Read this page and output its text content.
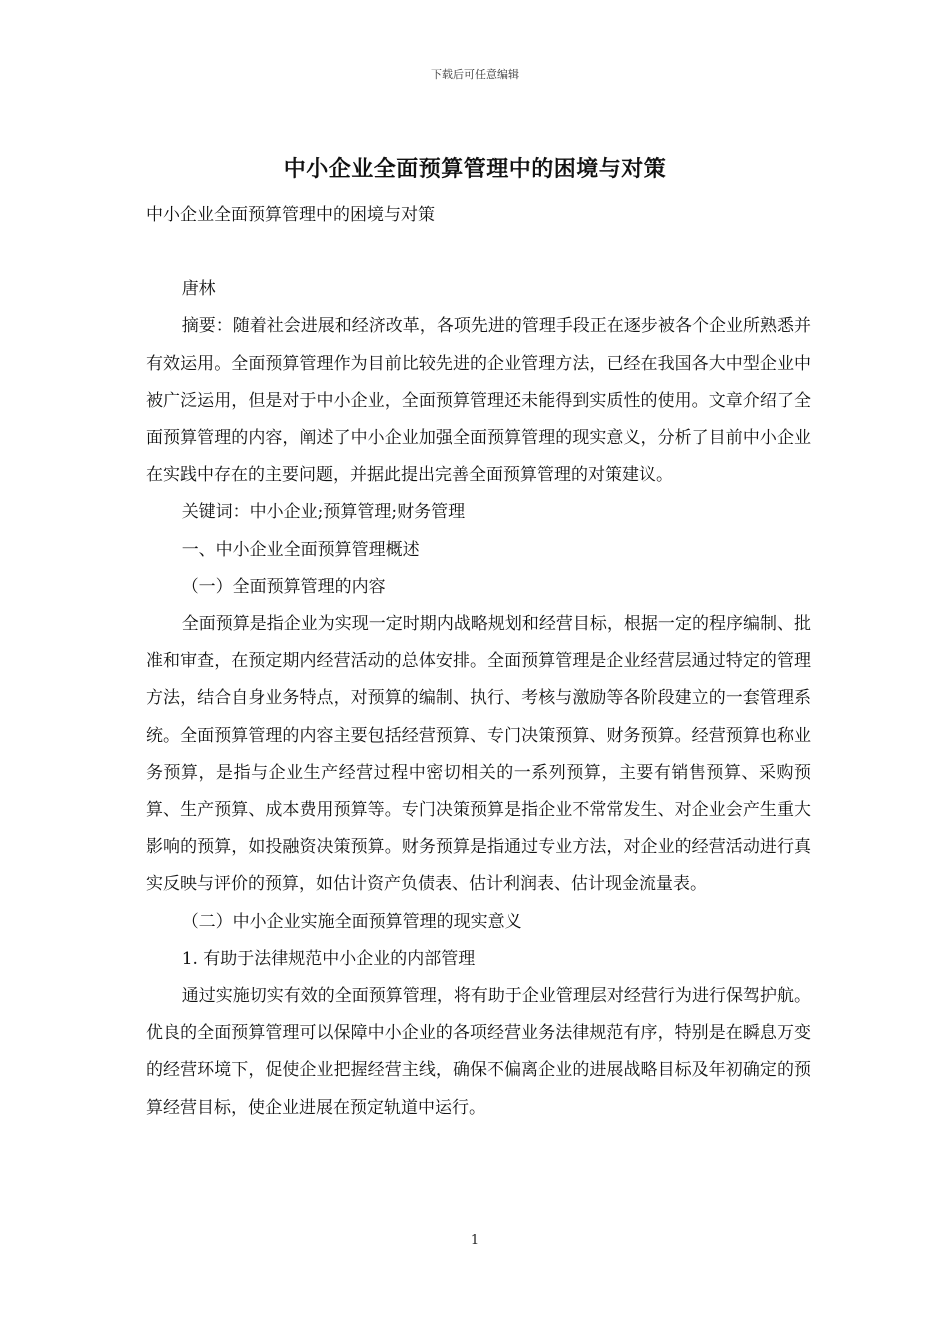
下载后可任意编辑
中小企业全面预算管理中的困境与对策

中小企业全面预算管理中的困境与对策

唐林

摘要：随着社会进展和经济改革，各项先进的管理手段正在逐步被各个企业所熟悉并有效运用。全面预算管理作为目前比较先进的企业管理方法，已经在我国各大中型企业中被广泛运用，但是对于中小企业，全面预算管理还未能得到实质性的使用。文章介绍了全面预算管理的内容，阐述了中小企业加强全面预算管理的现实意义，分析了目前中小企业在实践中存在的主要问题，并据此提出完善全面预算管理的对策建议。

关键词：中小企业;预算管理;财务管理

一、中小企业全面预算管理概述

（一）全面预算管理的内容

全面预算是指企业为实现一定时期内战略规划和经营目标，根据一定的程序编制、批准和审查，在预定期内经营活动的总体安排。全面预算管理是企业经营层通过特定的管理方法，结合自身业务特点，对预算的编制、执行、考核与激励等各阶段建立的一套管理系统。全面预算管理的内容主要包括经营预算、专门决策预算、财务预算。经营预算也称业务预算，是指与企业生产经营过程中密切相关的一系列预算，主要有销售预算、采购预算、生产预算、成本费用预算等。专门决策预算是指企业不常常发生、对企业会产生重大影响的预算，如投融资决策预算。财务预算是指通过专业方法，对企业的经营活动进行真实反映与评价的预算，如估计资产负债表、估计利润表、估计现金流量表。

（二）中小企业实施全面预算管理的现实意义

1. 有助于法律规范中小企业的内部管理

通过实施切实有效的全面预算管理，将有助于企业管理层对经营行为进行保驾护航。优良的全面预算管理可以保障中小企业的各项经营业务法律规范有序，特别是在瞬息万变的经营环境下，促使企业把握经营主线，确保不偏离企业的进展战略目标及年初确定的预算经营目标，使企业进展在预定轨道中运行。

1
